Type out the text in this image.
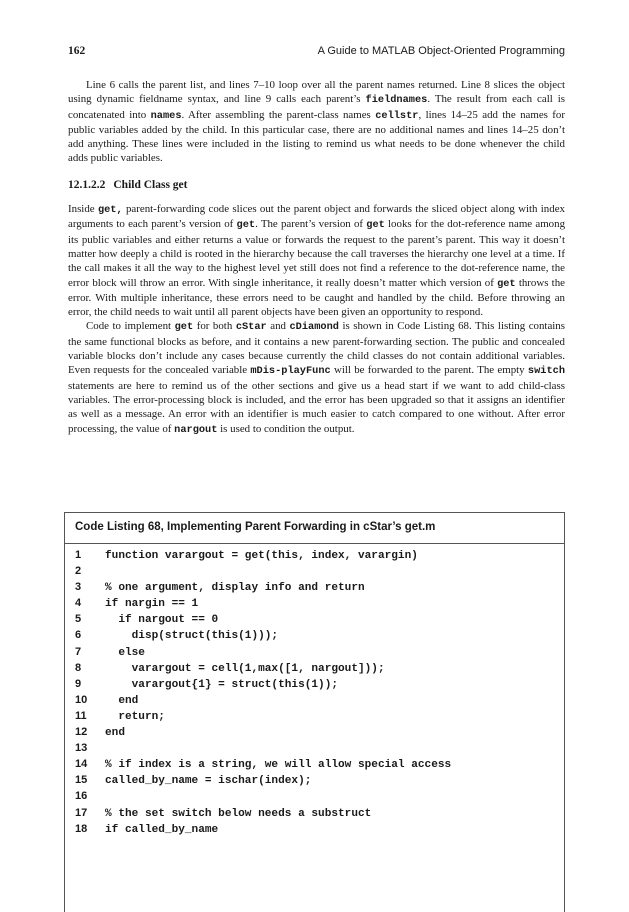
162	A Guide to MATLAB Object-Oriented Programming

Line 6 calls the parent list, and lines 7–10 loop over all the parent names returned. Line 8 slices the object using dynamic fieldname syntax, and line 9 calls each parent’s fieldnames. The result from each call is concatenated into names. After assembling the parent-class names cellstr, lines 14–25 add the names for public variables added by the child. In this particular case, there are no additional names and lines 14–25 don’t add anything. These lines were included in the listing to remind us what needs to be done whenever the child adds public variables.

12.1.2.2 Child Class get

Inside get, parent-forwarding code slices out the parent object and forwards the sliced object along with index arguments to each parent’s version of get. The parent’s version of get looks for the dot-reference name among its public variables and either returns a value or forwards the request to the parent’s parent. This way it doesn’t matter how deeply a child is rooted in the hierarchy because the call traverses the hierarchy one level at a time. If the call makes it all the way to the highest level yet still does not find a reference to the dot-reference name, the error block will throw an error. With single inheritance, it really doesn’t matter which version of get throws the error. With multiple inheritance, these errors need to be caught and handled by the child. Before throwing an error, the child needs to wait until all parent objects have been given an opportunity to respond.

Code to implement get for both cStar and cDiamond is shown in Code Listing 68. This listing contains the same functional blocks as before, and it contains a new parent-forwarding section. The public and concealed variable blocks don’t include any cases because currently the child classes do not contain additional variables. Even requests for the concealed variable mDis-playFunc will be forwarded to the parent. The empty switch statements are here to remind us of the other sections and give us a head start if we want to add child-class variables. The error-processing block is included, and the error has been upgraded so that it assigns an identifier as well as a message. An error with an identifier is much easier to catch compared to one without. After error processing, the value of nargout is used to condition the output.

Code Listing 68, Implementing Parent Forwarding in cStar’s get.m
1 function varargout = get(this, index, varargin)
2
3 % one argument, display info and return
4 if nargin == 1
5  if nargout == 0
6    disp(struct(this(1)));
7  else
8    varargout = cell(1,max([1, nargout]));
9    varargout{1} = struct(this(1));
10  end
11  return;
12 end
13
14 % if index is a string, we will allow special access
15 called_by_name = ischar(index);
16
17 % the set switch below needs a substruct
18 if called_by_name
